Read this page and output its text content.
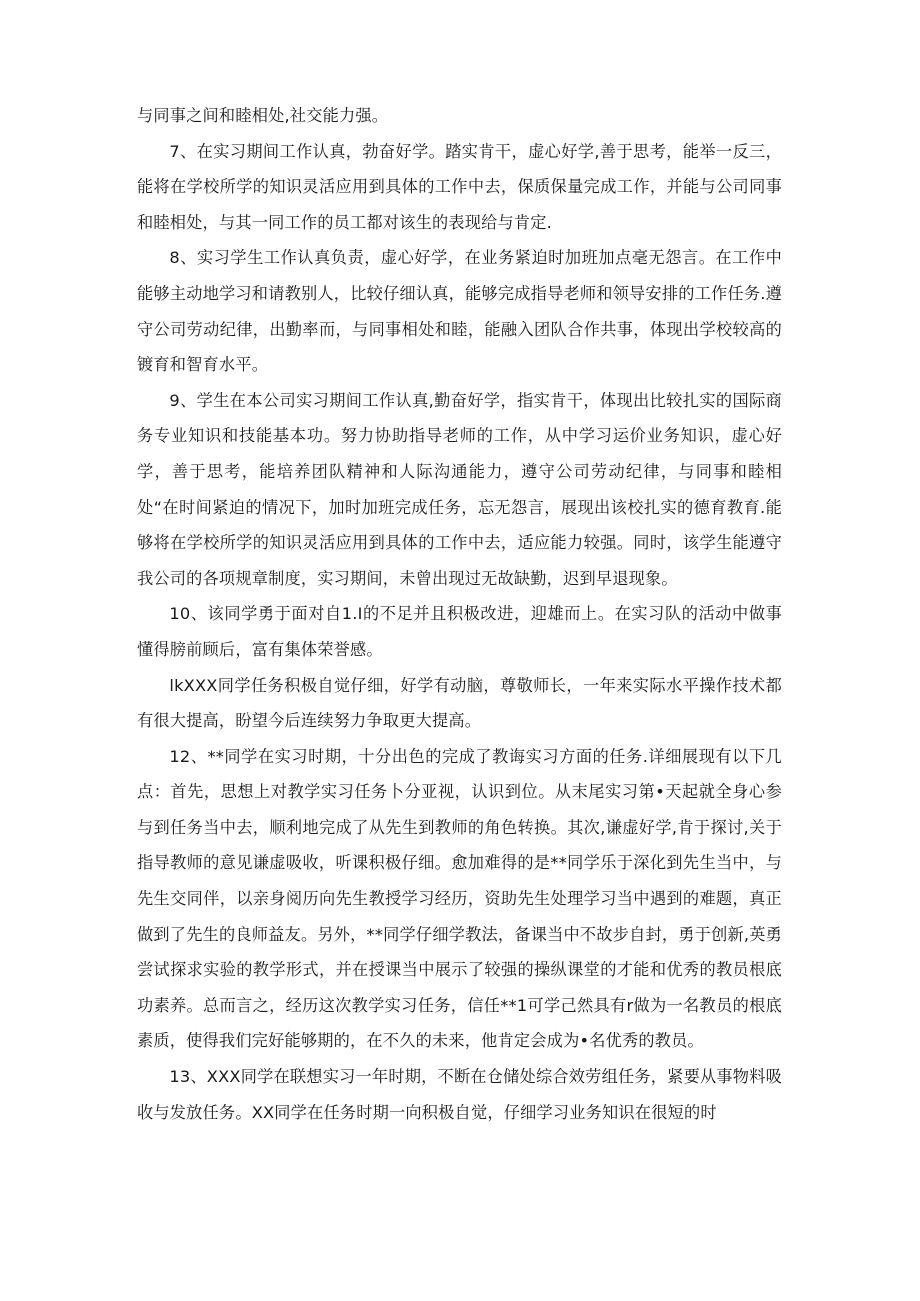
与同事之间和睦相处,社交能力强。

7、在实习期间工作认真，勃奋好学。踏实肯干，虚心好学,善于思考，能举一反三，能将在学校所学的知识灵活应用到具体的工作中去，保质保量完成工作，并能与公司同事和睦相处，与其一同工作的员工都对该生的表现给与肯定.

8、实习学生工作认真负责，虚心好学，在业务紧迫时加班加点毫无怨言。在工作中能够主动地学习和请教别人，比较仔细认真，能够完成指导老师和领导安排的工作任务.遵守公司劳动纪律，出勤率而，与同事相处和睦，能融入团队合作共事，体现出学校较高的镀育和智育水平。

9、学生在本公司实习期间工作认真,勤奋好学，指实肯干，体现出比较扎实的国际商务专业知识和技能基本功。努力协助指导老师的工作，从中学习运价业务知识，虚心好学，善于思考，能培养团队精神和人际沟通能力，遵守公司劳动纪律，与同事和睦相处“在时间紧迫的情况下，加时加班完成任务，忘无怨言，展现出该校扎实的德育教育.能够将在学校所学的知识灵活应用到具体的工作中去，适应能力较强。同时，该学生能遵守我公司的各项规章制度，实习期间，未曾出现过无故缺勤，迟到早退现象。

10、该同学勇于面对自1.I的不足并且积极改进，迎雄而上。在实习队的活动中做事懂得膀前顾后，富有集体荣誉感。

lkXXX同学任务积极自觉仔细，好学有动脑，尊敬师长，一年来实际水平操作技术都有很大提高，盼望今后连续努力争取更大提高。

12、**同学在实习时期，十分出色的完成了教诲实习方面的任务.详细展现有以下几点：首先，思想上对教学实习任务卜分亚视，认识到位。从末尾实习第•天起就全身心参与到任务当中去，顺利地完成了从先生到教师的角色转换。其次,谦虚好学,肯于探讨,关于指导教师的意见谦虚吸收，听课积极仔细。愈加难得的是**同学乐于深化到先生当中，与先生交同伴，以亲身阅历向先生教授学习经历，资助先生处理学习当中遇到的难题，真正做到了先生的良师益友。另外，**同学仔细学教法，备课当中不故步自封，勇于创新,英勇尝试探求实验的教学形式，并在授课当中展示了较强的操纵课堂的才能和优秀的教员根底功素养。总而言之，经历这次教学实习任务，信任**1可学己然具有r做为一名教员的根底素质，使得我们完好能够期的，在不久的未来，他肯定会成为•名优秀的教员。

13、XXX同学在联想实习一年时期，不断在仓储处综合效劳组任务，紧要从事物料吸收与发放任务。XX同学在任务时期一向积极自觉，仔细学习业务知识在很短的时
